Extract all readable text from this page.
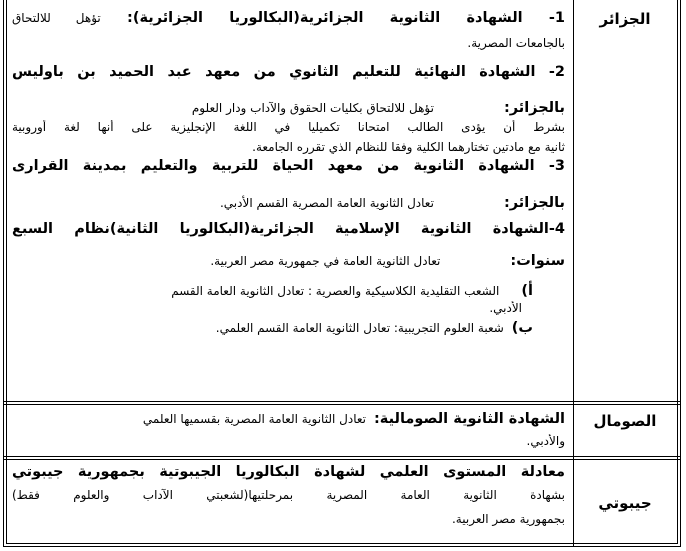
الجزائر
1- الشهادة الثانوية الجزائرية(البكالوريا الجزائرية): تؤهل للالتحاق
بالجامعات المصرية.
2- الشهادة النهائية للتعليم الثانوي من معهد عبد الحميد بن باوليس
بالجزائر:تؤهل للالتحاق بكليات الحقوق والآداب ودار العلوم
بشرط أن يؤدى الطالب امتحانا تكميليا في اللغة الإنجليزية على أنها لغة أوروبية
ثانية مع مادتين تختارهما الكلية وفقا للنظام الذي تقرره الجامعة.
3- الشهادة الثانوية من معهد الحياة للتربية والتعليم بمدينة القرارى
بالجزائر:تعادل الثانوية العامة المصرية القسم الأدبي.
4-الشهادة الثانوية الإسلامية الجزائرية(البكالوريا الثانية)نظام السبع
سنوات:تعادل الثانوية العامة في جمهورية مصر العربية.
أ)الشعب التقليدية الكلاسيكية والعصرية : تعادل الثانوية العامة القسم
الأدبي.
ب)شعبة العلوم التجريبية: تعادل الثانوية العامة القسم العلمي.
الصومال
الشهادة الثانوية الصومالية:تعادل الثانوية العامة المصرية بقسميها العلمي
والأدبي.
جيبوتي
معادلة المستوى العلمي لشهادة البكالوريا الجيبوتية بجمهورية جيبوتي
بشهادة الثانوية العامة المصرية بمرحلتيها(لشعبتي الآداب والعلوم فقط)
بجمهورية مصر العربية.
